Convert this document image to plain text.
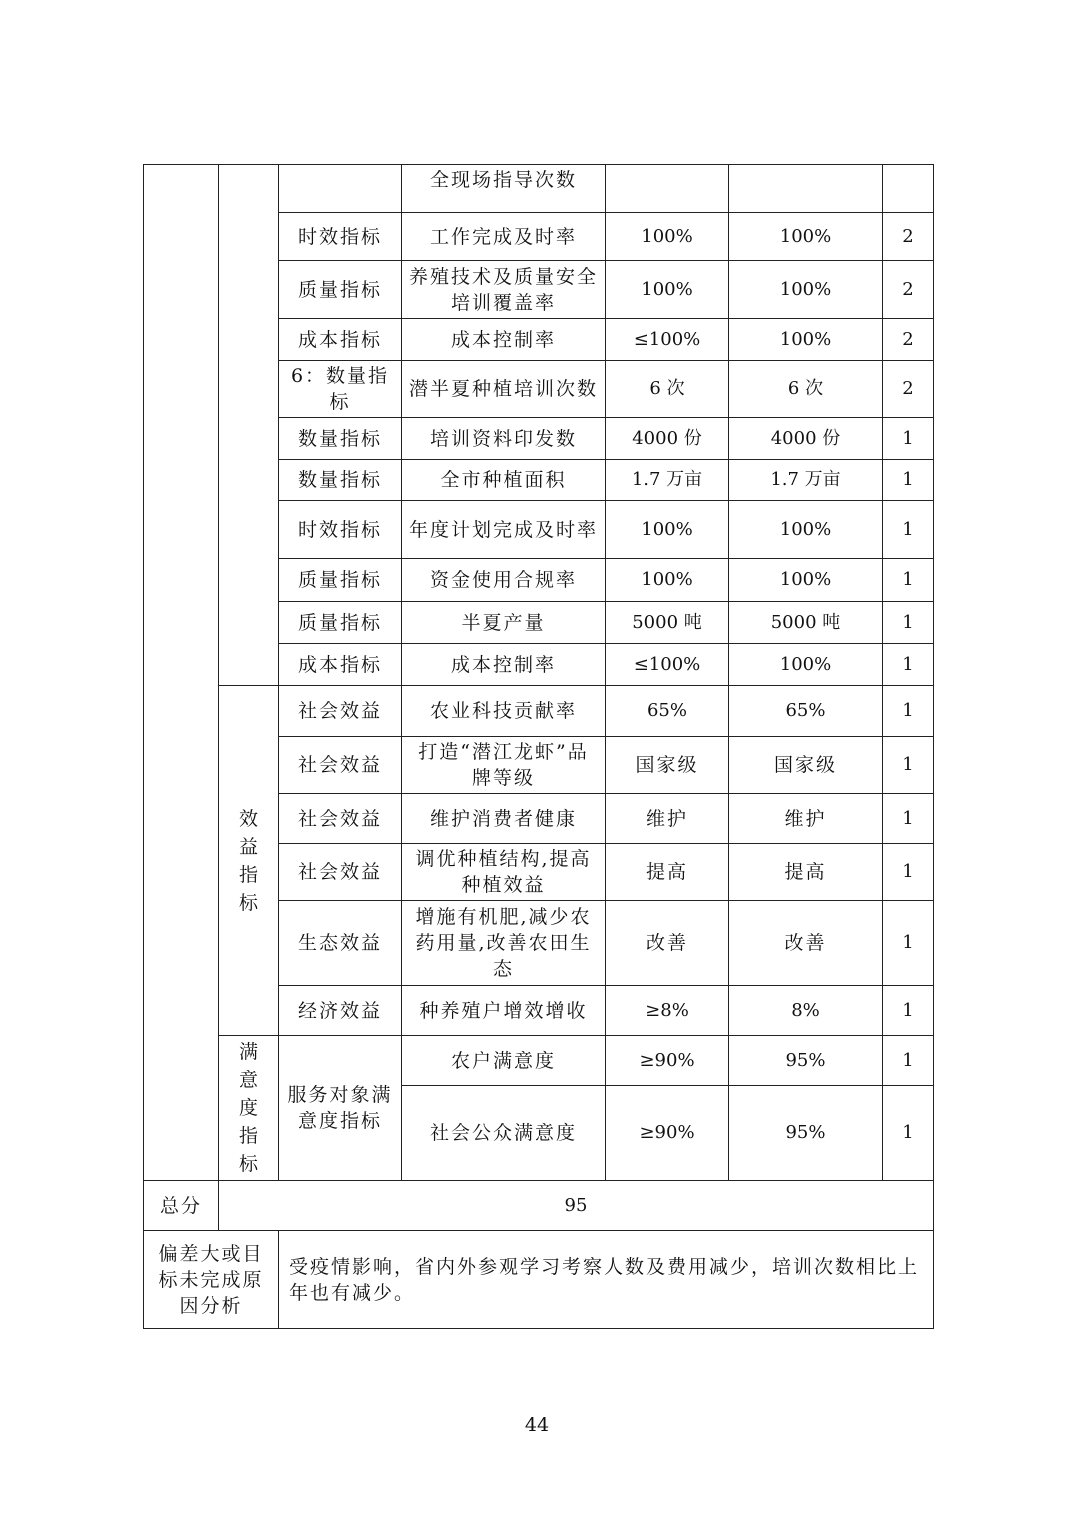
			全现场指导次数			
		时效指标	工作完成及时率	100%	100%	2
		质量指标	养殖技术及质量安全培训覆盖率	100%	100%	2
		成本指标	成本控制率	≤100%	100%	2
		6：数量指标	潜半夏种植培训次数	6 次	6 次	2
		数量指标	培训资料印发数	4000 份	4000 份	1
		数量指标	全市种植面积	1.7 万亩	1.7 万亩	1
		时效指标	年度计划完成及时率	100%	100%	1
		质量指标	资金使用合规率	100%	100%	1
		质量指标	半夏产量	5000 吨	5000 吨	1
		成本指标	成本控制率	≤100%	100%	1
	效益指标	社会效益	农业科技贡献率	65%	65%	1
		社会效益	打造“潜江龙虾”品牌等级	国家级	国家级	1
		社会效益	维护消费者健康	维护	维护	1
		社会效益	调优种植结构,提高种植效益	提高	提高	1
		生态效益	增施有机肥,减少农药用量,改善农田生态	改善	改善	1
		经济效益	种养殖户增效增收	≥8%	8%	1
	满意度指标	服务对象满意度指标	农户满意度	≥90%	95%	1
			社会公众满意度	≥90%	95%	1
总分	95					
偏差大或目标未完成原因分析		受疫情影响，省内外参观学习考察人数及费用减少，培训次数相比上年也有减少。				
44
